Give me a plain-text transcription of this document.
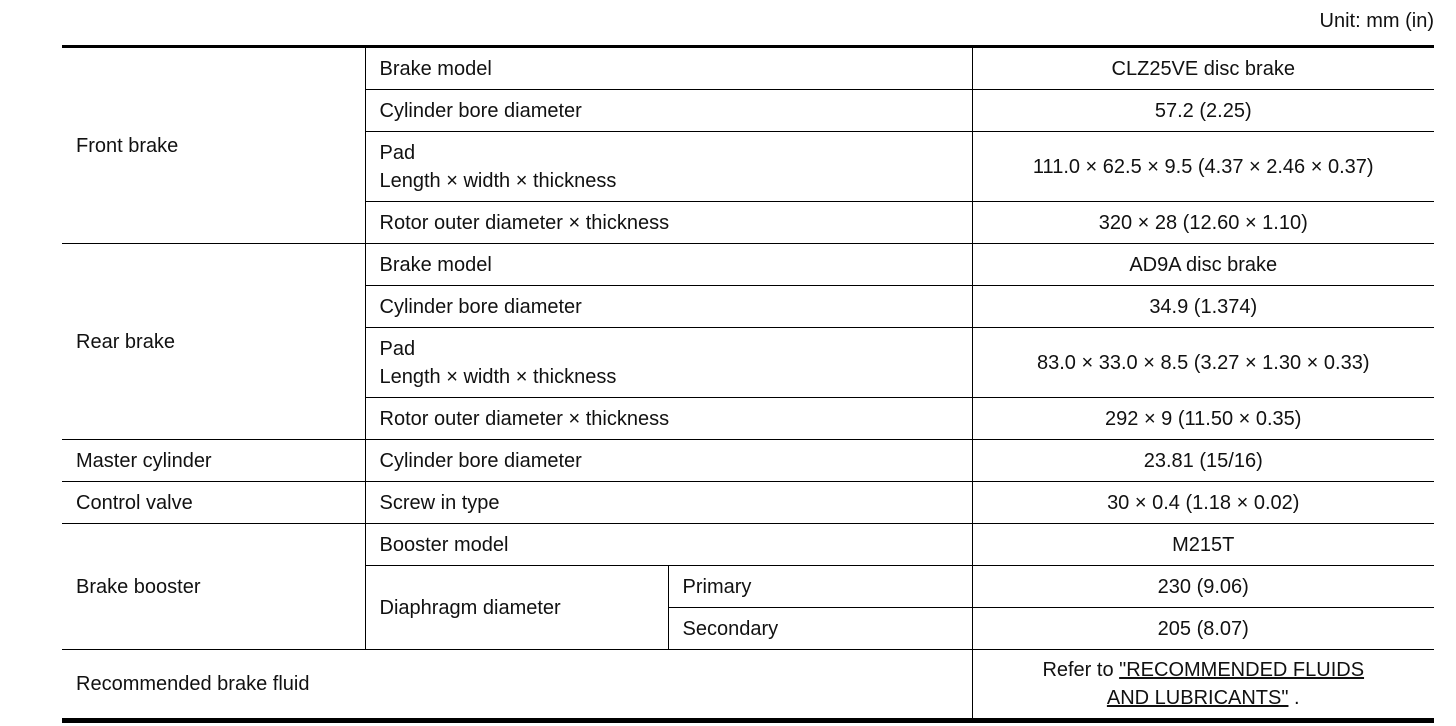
Unit: mm (in)
Front brake	Brake model		CLZ25VE disc brake
	Cylinder bore diameter		57.2 (2.25)

	Pad
Length × width × thickness		111.0 × 62.5 × 9.5 (4.37 × 2.46 × 0.37)
	Rotor outer diameter × thickness		320 × 28 (12.60 × 1.10)
Rear brake	Brake model		AD9A disc brake
	Cylinder bore diameter		34.9 (1.374)

	Pad
Length × width × thickness		83.0 × 33.0 × 8.5 (3.27 × 1.30 × 0.33)
	Rotor outer diameter × thickness		292 × 9 (11.50 × 0.35)
Master cylinder	Cylinder bore diameter		23.81 (15/16)
Control valve	Screw in type		30 × 0.4 (1.18 × 0.02)
Brake booster	Booster model		M215T
	Diaphragm diameter	Primary	230 (9.06)
		Secondary	205 (8.07)
Recommended brake fluid			Refer to "RECOMMENDED FLUIDS
AND LUBRICANTS" .
